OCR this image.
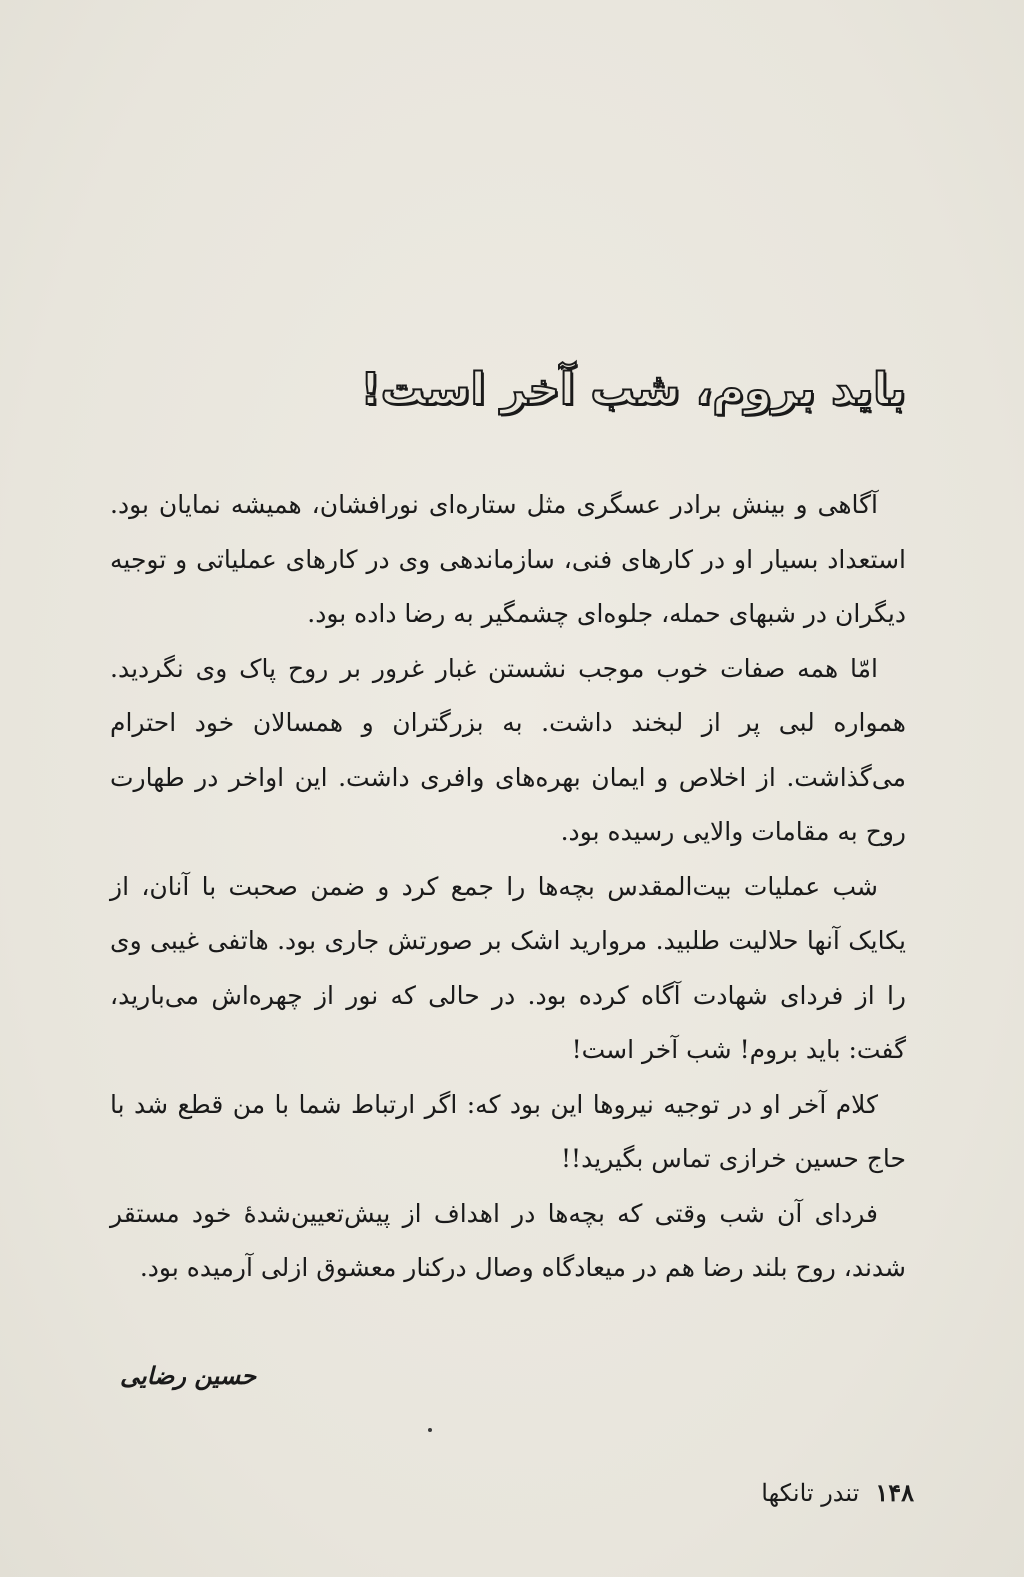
باید بروم، شب آخر است!

آگاهی و بینش برادر عسگری مثل ستاره‌ای نورافشان، همیشه نمایان بود. استعداد بسیار او در کارهای فنی، سازماندهی وی در کارهای عملیاتی و توجیه دیگران در شبهای حمله، جلوه‌ای چشمگیر به رضا داده بود.

امّا همه صفات خوب موجب نشستن غبار غرور بر روح پاک وی نگردید. همواره لبی پر از لبخند داشت. به بزرگتران و همسالان خود احترام می‌گذاشت. از اخلاص و ایمان بهره‌های وافری داشت. این اواخر در طهارت روح به مقامات والایی رسیده بود.

شب عملیات بیت‌المقدس بچه‌ها را جمع کرد و ضمن صحبت با آنان، از یکایک آنها حلالیت طلبید. مروارید اشک بر صورتش جاری بود. هاتفی غیبی وی را از فردای شهادت آگاه کرده بود. در حالی که نور از چهره‌اش می‌بارید، گفت: باید بروم! شب آخر است!

کلام آخر او در توجیه نیروها این بود که: اگر ارتباط شما با من قطع شد با حاج حسین خرازی تماس بگیرید!!

فردای آن شب وقتی که بچه‌ها در اهداف از پیش‌تعیین‌شدهٔ خود مستقر شدند، روح بلند رضا هم در میعادگاه وصال درکنار معشوق ازلی آرمیده بود.

حسین رضایی
۱۴۸
تندر تانکها
